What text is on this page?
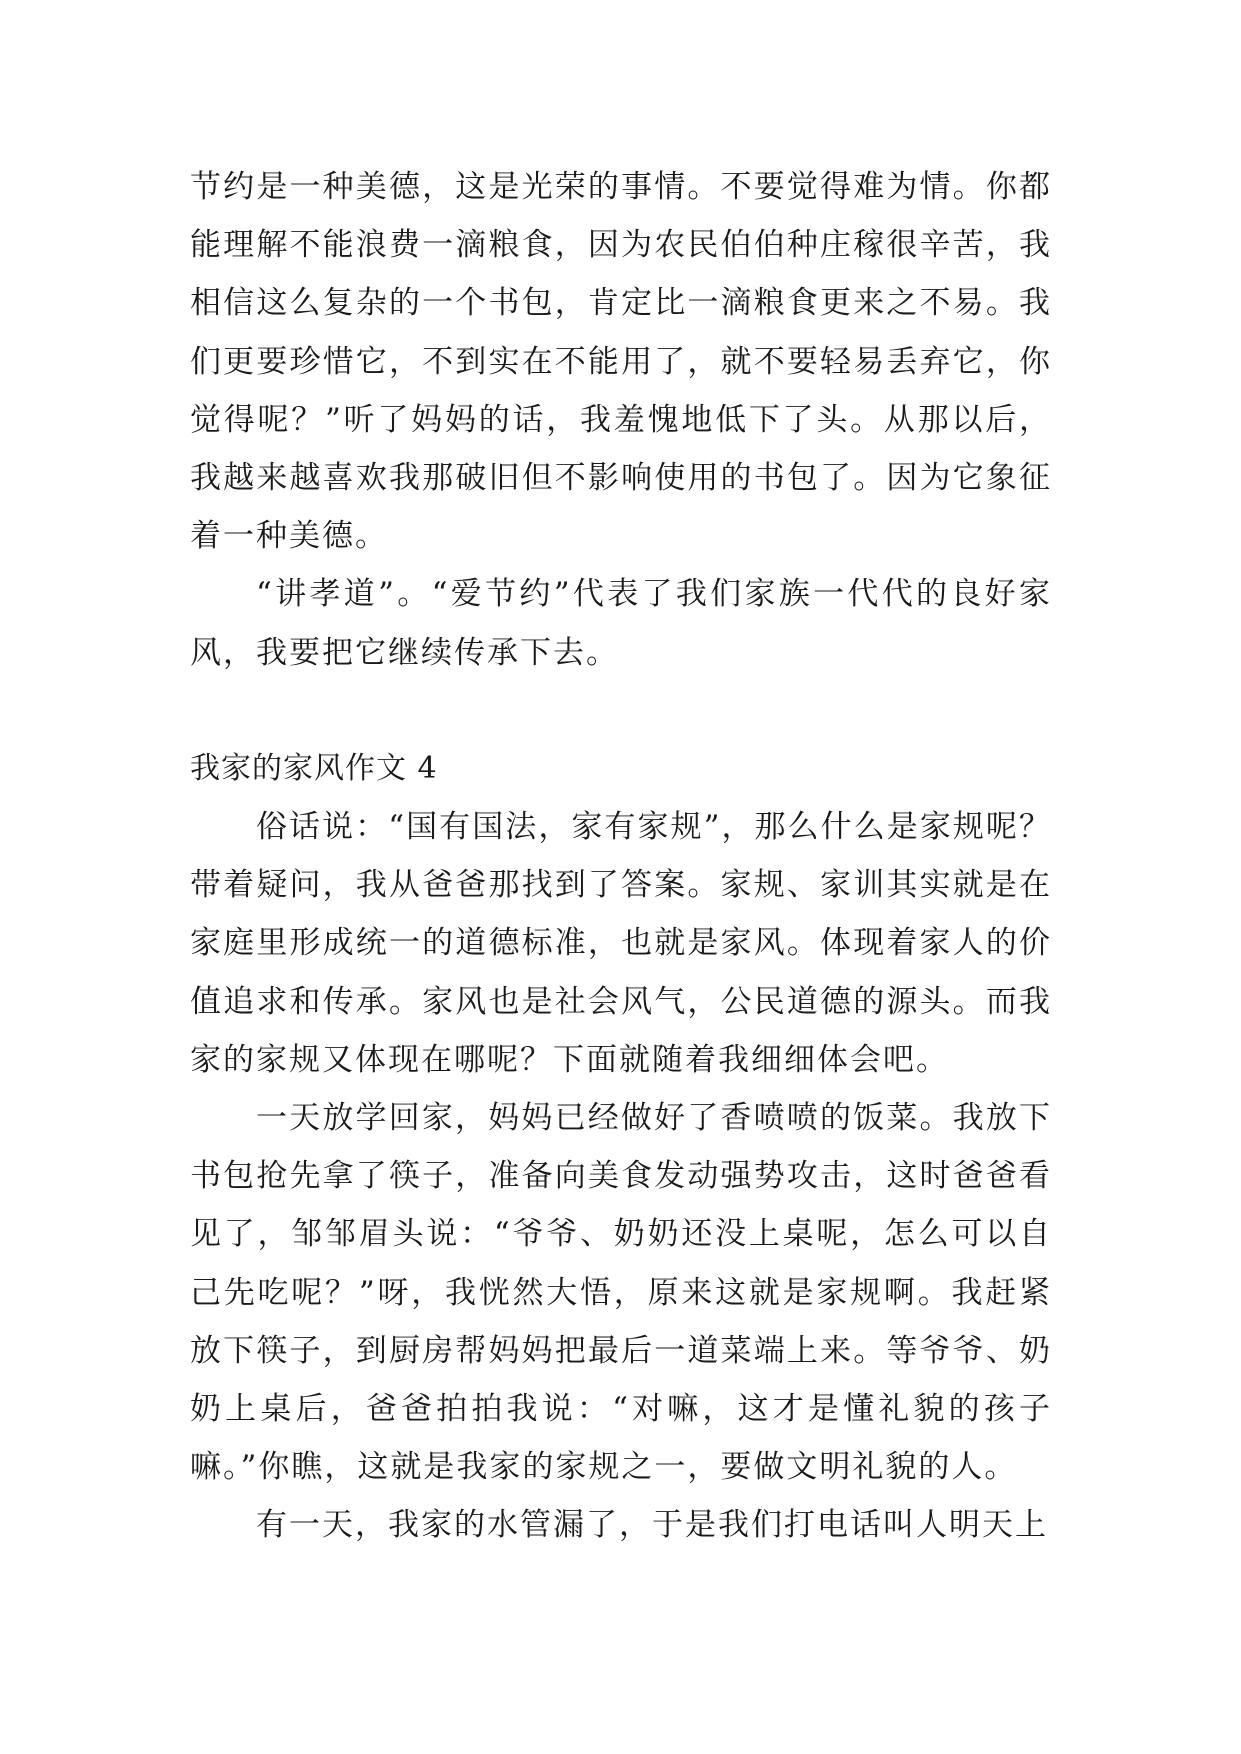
节约是一种美德，这是光荣的事情。不要觉得难为情。你都能理解不能浪费一滴粮食，因为农民伯伯种庄稼很辛苦，我相信这么复杂的一个书包，肯定比一滴粮食更来之不易。我们更要珍惜它，不到实在不能用了，就不要轻易丢弃它，你觉得呢？”听了妈妈的话，我羞愧地低下了头。从那以后，我越来越喜欢我那破旧但不影响使用的书包了。因为它象征着一种美德。

“讲孝道”。“爱节约”代表了我们家族一代代的良好家风，我要把它继续传承下去。

我家的家风作文 4

俗话说：“国有国法，家有家规”，那么什么是家规呢？带着疑问，我从爸爸那找到了答案。家规、家训其实就是在家庭里形成统一的道德标准，也就是家风。体现着家人的价值追求和传承。家风也是社会风气，公民道德的源头。而我家的家规又体现在哪呢？下面就随着我细细体会吧。

一天放学回家，妈妈已经做好了香喷喷的饭菜。我放下书包抢先拿了筷子，准备向美食发动强势攻击，这时爸爸看见了，邹邹眉头说：“爷爷、奶奶还没上桌呢，怎么可以自己先吃呢？”呀，我恍然大悟，原来这就是家规啊。我赶紧放下筷子，到厨房帮妈妈把最后一道菜端上来。等爷爷、奶奶上桌后，爸爸拍拍我说：“对嘛，这才是懂礼貌的孩子嘛。”你瞧，这就是我家的家规之一，要做文明礼貌的人。

有一天，我家的水管漏了，于是我们打电话叫人明天上
